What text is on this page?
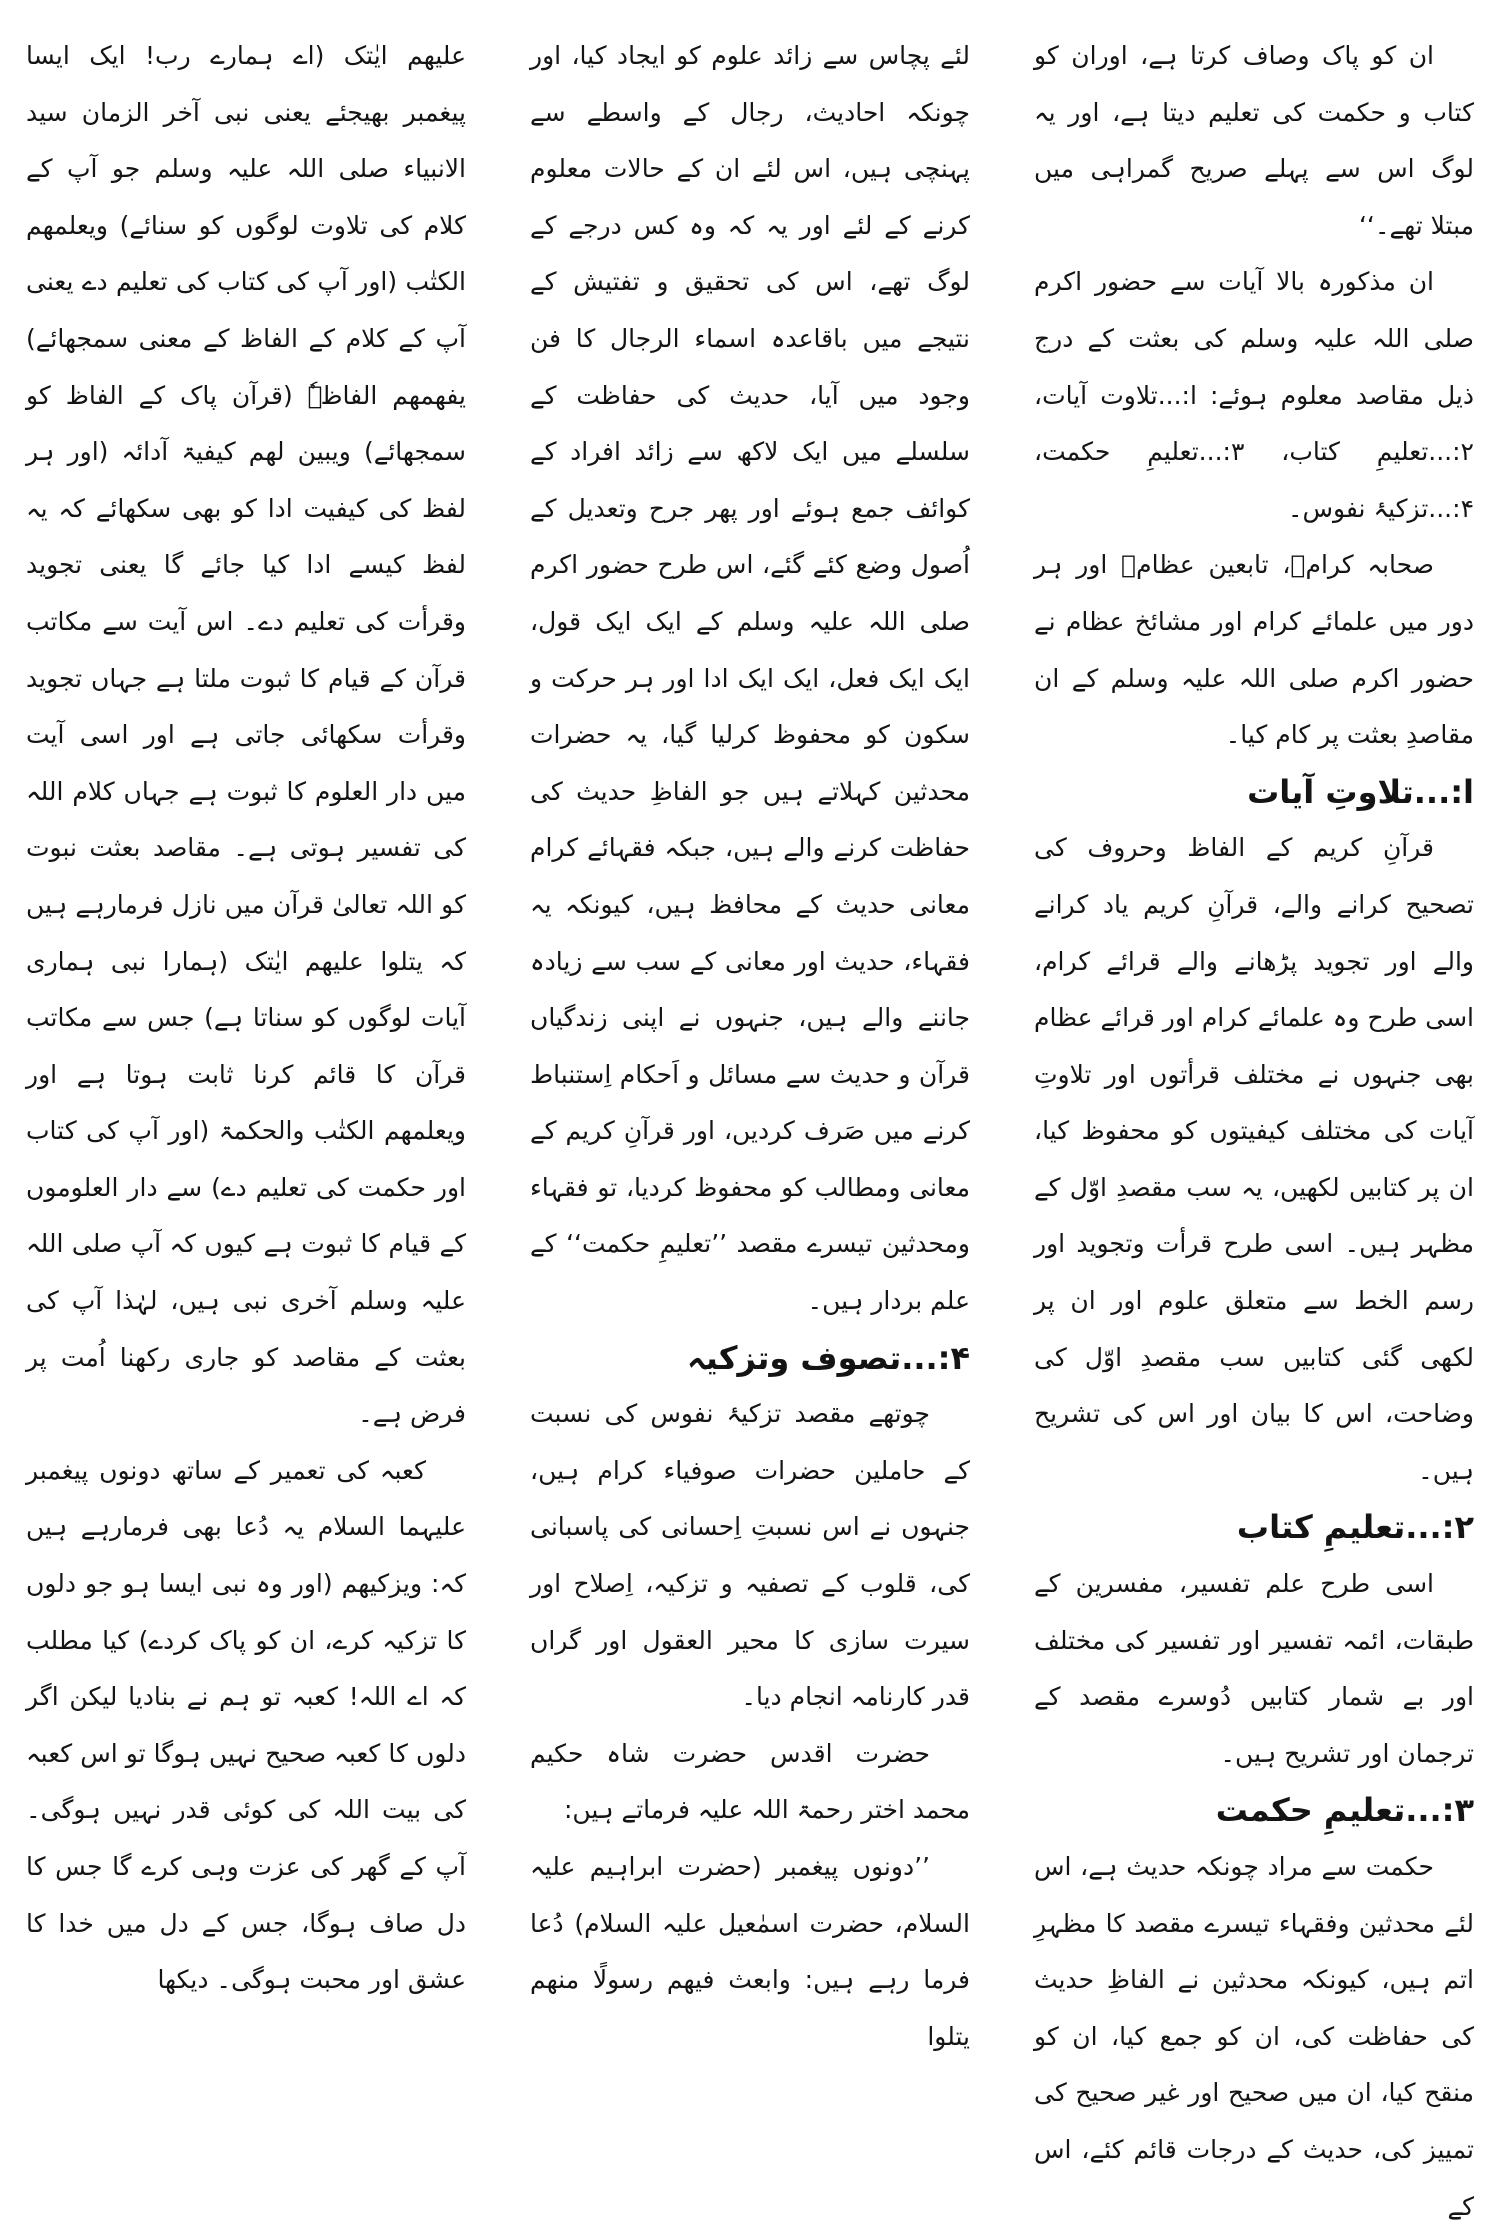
ان کو پاک وصاف کرتا ہے، اوران کو کتاب و حکمت کی تعلیم دیتا ہے، اور یہ لوگ اس سے پہلے صریح گمراہی میں مبتلا تھے۔‘‘

ان مذکورہ بالا آیات سے حضور اکرم صلی اللہ علیہ وسلم کی بعثت کے درج ذیل مقاصد معلوم ہوئے: ا:...تلاوت آیات، ۲:...تعلیمِ کتاب، ۳:...تعلیمِ حکمت، ۴:...تزکیۂ نفوس۔

صحابہ کرامؓ، تابعین عظامؒ اور ہر دور میں علمائے کرام اور مشائخ عظام نے حضور اکرم صلی اللہ علیہ وسلم کے ان مقاصدِ بعثت پر کام کیا۔

ا:...تلاوتِ آیات

قرآنِ کریم کے الفاظ وحروف کی تصحیح کرانے والے، قرآنِ کریم یاد کرانے والے اور تجوید پڑھانے والے قرائے کرام، اسی طرح وہ علمائے کرام اور قرائے عظام بھی جنہوں نے مختلف قرأتوں اور تلاوتِ آیات کی مختلف کیفیتوں کو محفوظ کیا، ان پر کتابیں لکھیں، یہ سب مقصدِ اوّل کے مظہر ہیں۔ اسی طرح قرأت وتجوید اور رسم الخط سے متعلق علوم اور ان پر لکھی گئی کتابیں سب مقصدِ اوّل کی وضاحت، اس کا بیان اور اس کی تشریح ہیں۔

۲:...تعلیمِ کتاب

اسی طرح علم تفسیر، مفسرین کے طبقات، ائمہ تفسیر اور تفسیر کی مختلف اور بے شمار کتابیں دُوسرے مقصد کے ترجمان اور تشریح ہیں۔

۳:...تعلیمِ حکمت

حکمت سے مراد چونکہ حدیث ہے، اس لئے محدثین وفقہاء تیسرے مقصد کا مظہرِ اتم ہیں، کیونکہ محدثین نے الفاظِ حدیث کی حفاظت کی، ان کو جمع کیا، ان کو منقح کیا، ان میں صحیح اور غیر صحیح کی تمییز کی، حدیث کے درجات قائم کئے، اس کے

لئے پچاس سے زائد علوم کو ایجاد کیا، اور چونکہ احادیث، رجال کے واسطے سے پہنچی ہیں، اس لئے ان کے حالات معلوم کرنے کے لئے اور یہ کہ وہ کس درجے کے لوگ تھے، اس کی تحقیق و تفتیش کے نتیجے میں باقاعدہ اسماء الرجال کا فن وجود میں آیا، حدیث کی حفاظت کے سلسلے میں ایک لاکھ سے زائد افراد کے کوائف جمع ہوئے اور پھر جرح وتعدیل کے اُصول وضع کئے گئے، اس طرح حضور اکرم صلی اللہ علیہ وسلم کے ایک ایک قول، ایک ایک فعل، ایک ایک ادا اور ہر حرکت و سکون کو محفوظ کرلیا گیا، یہ حضرات محدثین کہلاتے ہیں جو الفاظِ حدیث کی حفاظت کرنے والے ہیں، جبکہ فقہائے کرام معانی حدیث کے محافظ ہیں، کیونکہ یہ فقہاء، حدیث اور معانی کے سب سے زیادہ جاننے والے ہیں، جنہوں نے اپنی زندگیاں قرآن و حدیث سے مسائل و اَحکام اِستنباط کرنے میں صَرف کردیں، اور قرآنِ کریم کے معانی ومطالب کو محفوظ کردیا، تو فقہاء ومحدثین تیسرے مقصد ’’تعلیمِ حکمت‘‘ کے علم بردار ہیں۔

۴:...تصوف وتزکیہ

چوتھے مقصد تزکیۂ نفوس کی نسبت کے حاملین حضرات صوفیاء کرام ہیں، جنہوں نے اس نسبتِ اِحسانی کی پاسبانی کی، قلوب کے تصفیہ و تزکیہ، اِصلاح اور سیرت سازی کا محیر العقول اور گراں قدر کارنامہ انجام دیا۔

حضرت اقدس حضرت شاہ حکیم محمد اختر رحمۃ اللہ علیہ فرماتے ہیں:

’’دونوں پیغمبر (حضرت ابراہیم علیہ السلام، حضرت اسمٰعیل علیہ السلام) دُعا فرما رہے ہیں: وابعث فیھم رسولًا منھم یتلوا

علیھم ایٰتک (اے ہمارے رب! ایک ایسا پیغمبر بھیجئے یعنی نبی آخر الزمان سید الانبیاء صلی اللہ علیہ وسلم جو آپ کے کلام کی تلاوت لوگوں کو سنائے) ویعلمھم الکتٰب (اور آپ کی کتاب کی تعلیم دے یعنی آپ کے کلام کے الفاظ کے معنی سمجھائے) یفھمھم الفاظہٗ (قرآن پاک کے الفاظ کو سمجھائے) ویبین لھم کیفیۃ آدائہ (اور ہر لفظ کی کیفیت ادا کو بھی سکھائے کہ یہ لفظ کیسے ادا کیا جائے گا یعنی تجوید وقرأت کی تعلیم دے۔ اس آیت سے مکاتب قرآن کے قیام کا ثبوت ملتا ہے جہاں تجوید وقرأت سکھائی جاتی ہے اور اسی آیت میں دار العلوم کا ثبوت ہے جہاں کلام اللہ کی تفسیر ہوتی ہے۔ مقاصد بعثت نبوت کو اللہ تعالیٰ قرآن میں نازل فرمارہے ہیں کہ یتلوا علیھم ایٰتک (ہمارا نبی ہماری آیات لوگوں کو سناتا ہے) جس سے مکاتب قرآن کا قائم کرنا ثابت ہوتا ہے اور ویعلمھم الکتٰب والحکمۃ (اور آپ کی کتاب اور حکمت کی تعلیم دے) سے دار العلوموں کے قیام کا ثبوت ہے کیوں کہ آپ صلی اللہ علیہ وسلم آخری نبی ہیں، لہٰذا آپ کی بعثت کے مقاصد کو جاری رکھنا اُمت پر فرض ہے۔

کعبہ کی تعمیر کے ساتھ دونوں پیغمبر علیہما السلام یہ دُعا بھی فرمارہے ہیں کہ: ویزکیھم (اور وہ نبی ایسا ہو جو دلوں کا تزکیہ کرے، ان کو پاک کردے) کیا مطلب کہ اے اللہ! کعبہ تو ہم نے بنادیا لیکن اگر دلوں کا کعبہ صحیح نہیں ہوگا تو اس کعبہ کی بیت اللہ کی کوئی قدر نہیں ہوگی۔ آپ کے گھر کی عزت وہی کرے گا جس کا دل صاف ہوگا، جس کے دل میں خدا کا عشق اور محبت ہوگی۔ دیکھا
